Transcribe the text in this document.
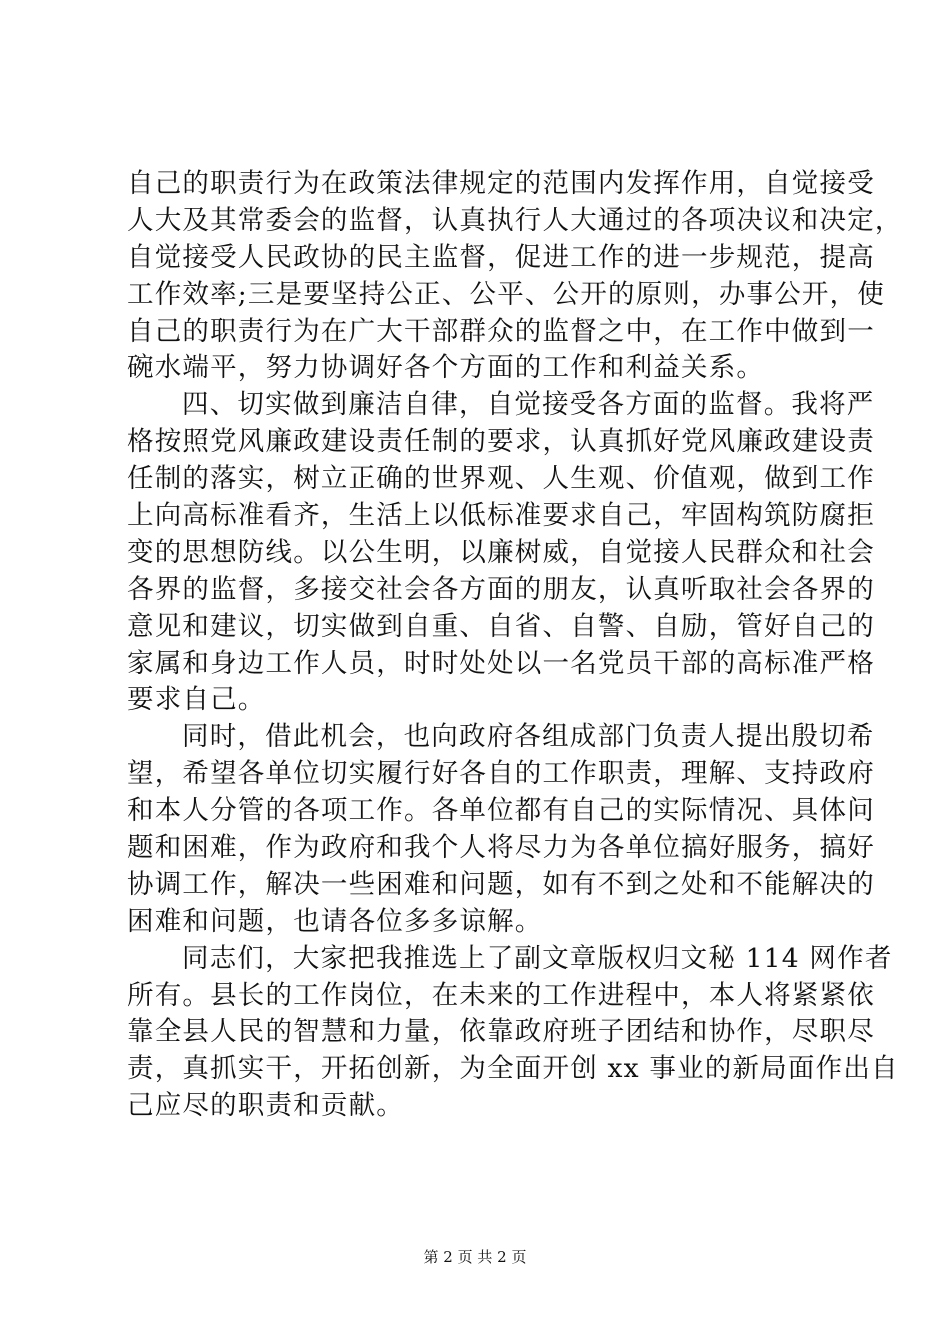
自己的职责行为在政策法律规定的范围内发挥作用，自觉接受
人大及其常委会的监督，认真执行人大通过的各项决议和决定，
自觉接受人民政协的民主监督，促进工作的进一步规范，提高
工作效率;三是要坚持公正、公平、公开的原则，办事公开，使
自己的职责行为在广大干部群众的监督之中，在工作中做到一
碗水端平，努力协调好各个方面的工作和利益关系。
四、切实做到廉洁自律，自觉接受各方面的监督。我将严
格按照党风廉政建设责任制的要求，认真抓好党风廉政建设责
任制的落实，树立正确的世界观、人生观、价值观，做到工作
上向高标准看齐，生活上以低标准要求自己，牢固构筑防腐拒
变的思想防线。以公生明，以廉树威，自觉接人民群众和社会
各界的监督，多接交社会各方面的朋友，认真听取社会各界的
意见和建议，切实做到自重、自省、自警、自励，管好自己的
家属和身边工作人员，时时处处以一名党员干部的高标准严格
要求自己。
同时，借此机会，也向政府各组成部门负责人提出殷切希
望，希望各单位切实履行好各自的工作职责，理解、支持政府
和本人分管的各项工作。各单位都有自己的实际情况、具体问
题和困难，作为政府和我个人将尽力为各单位搞好服务，搞好
协调工作，解决一些困难和问题，如有不到之处和不能解决的
困难和问题，也请各位多多谅解。
同志们，大家把我推选上了副文章版权归文秘 114 网作者
所有。县长的工作岗位，在未来的工作进程中，本人将紧紧依
靠全县人民的智慧和力量，依靠政府班子团结和协作，尽职尽
责，真抓实干，开拓创新，为全面开创 xx 事业的新局面作出自
己应尽的职责和贡献。
第 2 页 共 2 页
